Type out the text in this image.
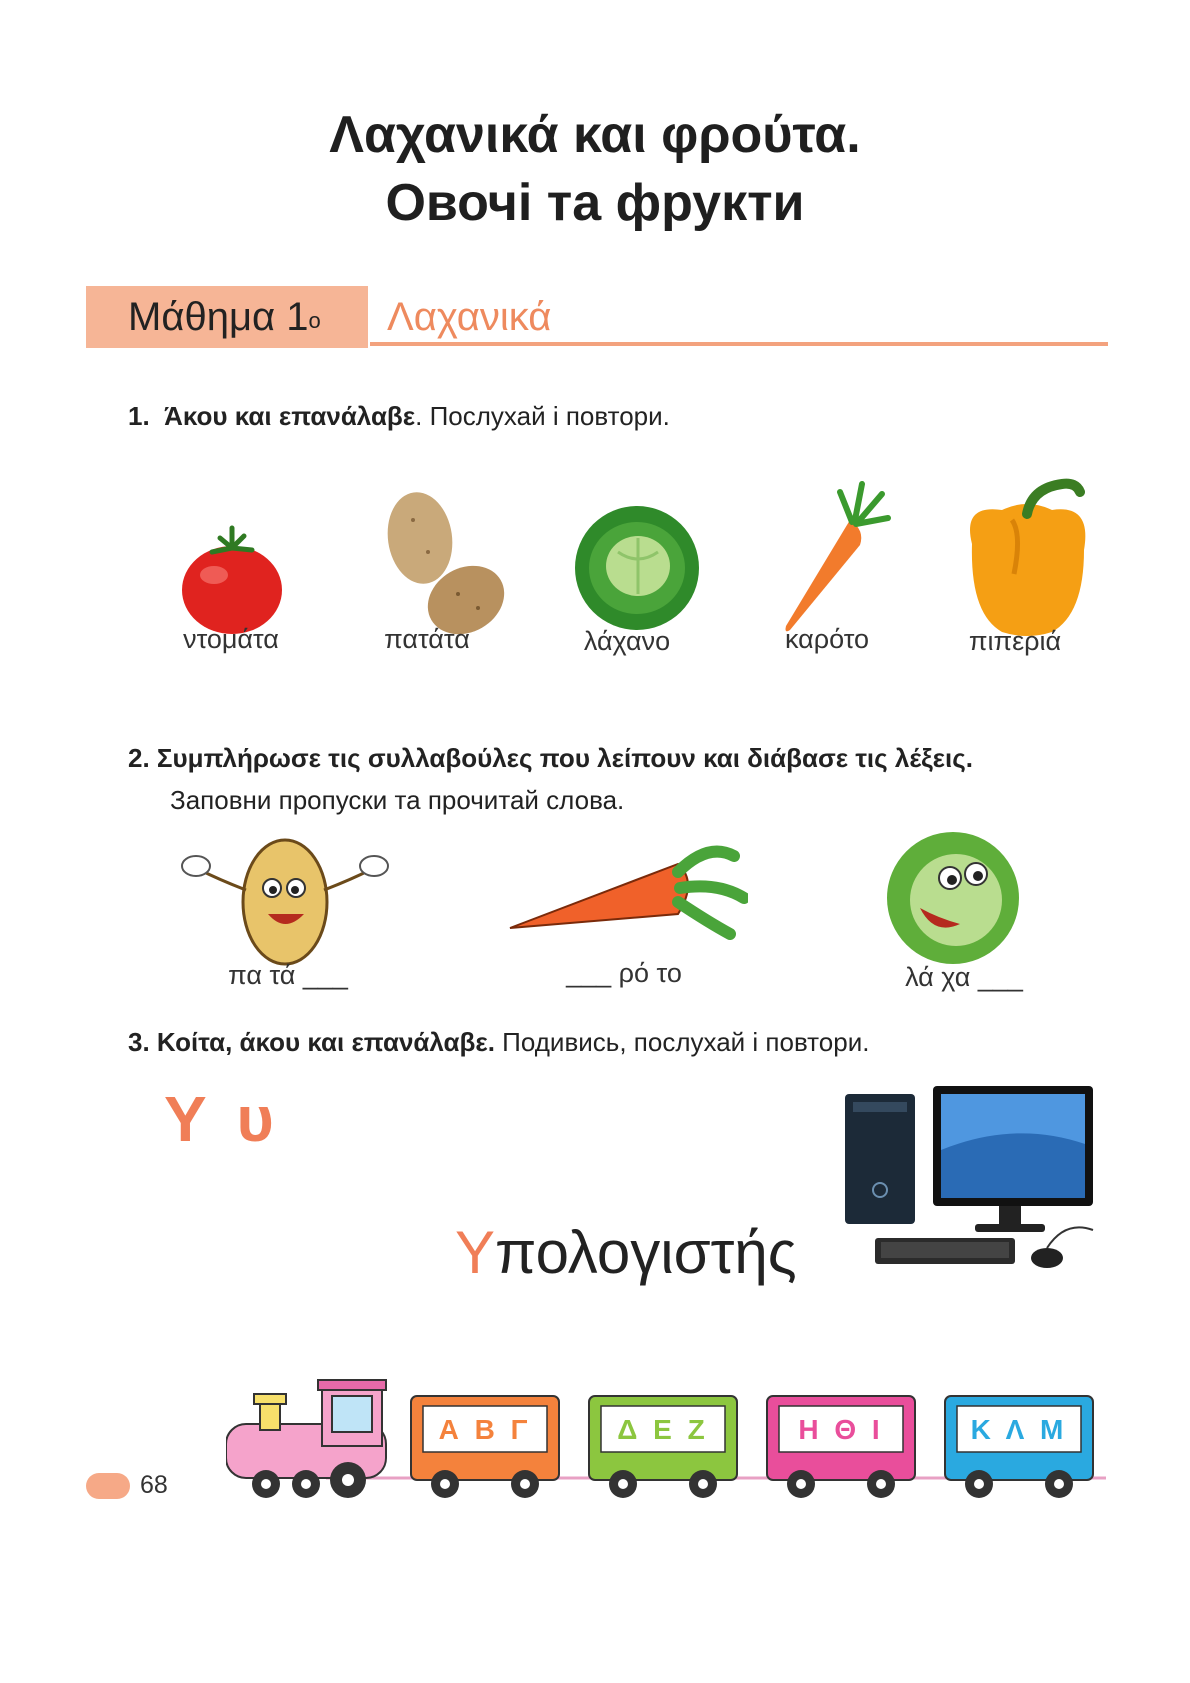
Λαχανικά και φρούτα.
Овочі та фрукти
Μάθημα $1^o$ Λαχανικά
1. Άκου και επανάλαβε. Послухай і повтори.
ντομάτα	πατάτα	λάχανο	καρότο	πιπεριά
2. Συμπλήρωσε τις συλλαβούλες που λείπουν και διάβασε τις λέξεις.
Заповни пропуски та прочитай слова.
πα τά ___	___ ρό το	λά χα ___
3. Κοίτα, άκου και επανάλαβε. Подивись, послухай і повтори.
Υ υ
Υπολογιστής
Α Β Γ	Δ Ε Ζ	Η Θ Ι	Κ Λ Μ
68
